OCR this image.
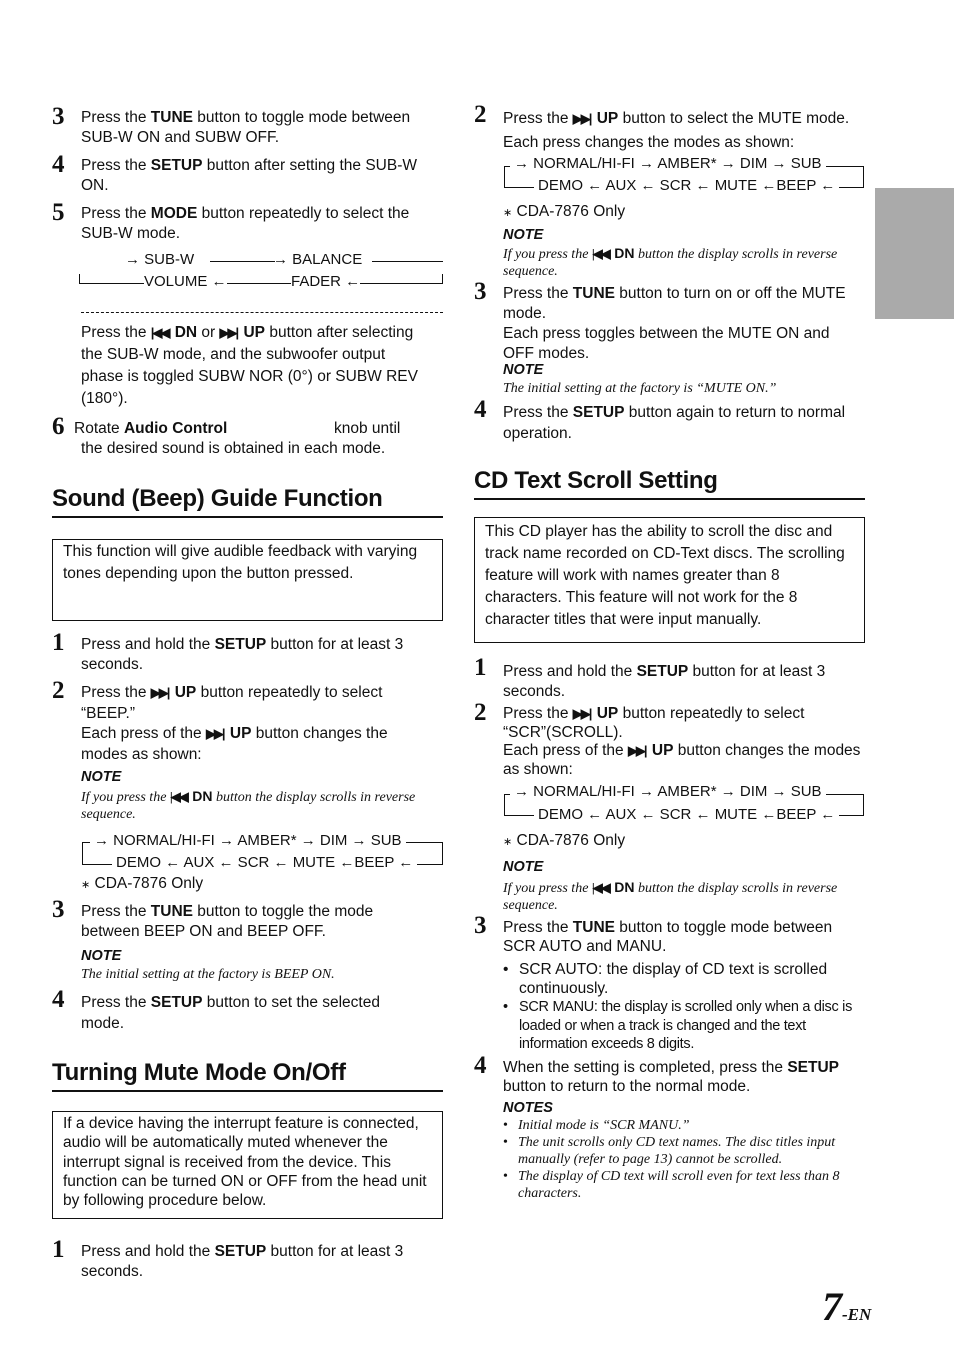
3 Press the TUNE button to toggle mode between SUB-W ON and SUBW OFF.
4 Press the SETUP button after setting the SUB-W ON.
5 Press the MODE button repeatedly to select the SUB-W mode.
→ SUB-W	→ BALANCE
VOLUME ←	FADER ←
Press the |◀◀ DN or ▶▶| UP button after selecting the SUB-W mode, and the subwoofer output phase is toggled SUBW NOR (0°) or SUBW REV (180°).
6 Rotate Audio Control	knob until the desired sound is obtained in each mode.
Sound (Beep) Guide Function
This function will give audible feedback with varying tones depending upon the button pressed.
1 Press and hold the SETUP button for at least 3 seconds.
2 Press the ▶▶| UP button repeatedly to select “BEEP.”
Each press of the ▶▶| UP button changes the modes as shown:
NOTE
If you press the |◀◀ DN button the display scrolls in reverse sequence.
→ NORMAL/HI-FI → AMBER* → DIM → SUB
DEMO ← AUX ← SCR ← MUTE ←BEEP ←
∗ CDA-7876 Only
3 Press the TUNE button to toggle the mode between BEEP ON and BEEP OFF.
NOTE
The initial setting at the factory is BEEP ON.
4 Press the SETUP button to set the selected mode.
Turning Mute Mode On/Off
If a device having the interrupt feature is connected, audio will be automatically muted whenever the interrupt signal is received from the device. This function can be turned ON or OFF from the head unit by following procedure below.
1 Press and hold the SETUP button for at least 3 seconds.
2 Press the ▶▶| UP button to select the MUTE mode. Each press changes the modes as shown:
→ NORMAL/HI-FI → AMBER* → DIM → SUB
DEMO ← AUX ← SCR ← MUTE ←BEEP ←
∗ CDA-7876 Only
NOTE
If you press the |◀◀ DN button the display scrolls in reverse sequence.
3 Press the TUNE button to turn on or off the MUTE mode.
Each press toggles between the MUTE ON and OFF modes.
NOTE
The initial setting at the factory is “MUTE ON.”
4 Press the SETUP button again to return to normal operation.
CD Text Scroll Setting
This CD player has the ability to scroll the disc and track name recorded on CD-Text discs. The scrolling feature will work with names greater than 8 characters. This feature will not work for the 8 character titles that were input manually.
1 Press and hold the SETUP button for at least 3 seconds.
2 Press the ▶▶| UP button repeatedly to select “SCR”(SCROLL).
Each press of the ▶▶| UP button changes the modes as shown:
→ NORMAL/HI-FI → AMBER* → DIM → SUB
DEMO ← AUX ← SCR ← MUTE ←BEEP ←
∗ CDA-7876 Only
NOTE
If you press the |◀◀ DN button the display scrolls in reverse sequence.
3 Press the TUNE button to toggle mode between SCR AUTO and MANU.
• SCR AUTO: the display of CD text is scrolled continuously.
• SCR MANU: the display is scrolled only when a disc is loaded or when a track is changed and the text information exceeds 8 digits.
4 When the setting is completed, press the SETUP button to return to the normal mode.
NOTES
• Initial mode is “SCR MANU.”
• The unit scrolls only CD text names. The disc titles input manually (refer to page 13) cannot be scrolled.
• The display of CD text will scroll even for text less than 8 characters.
7-EN
